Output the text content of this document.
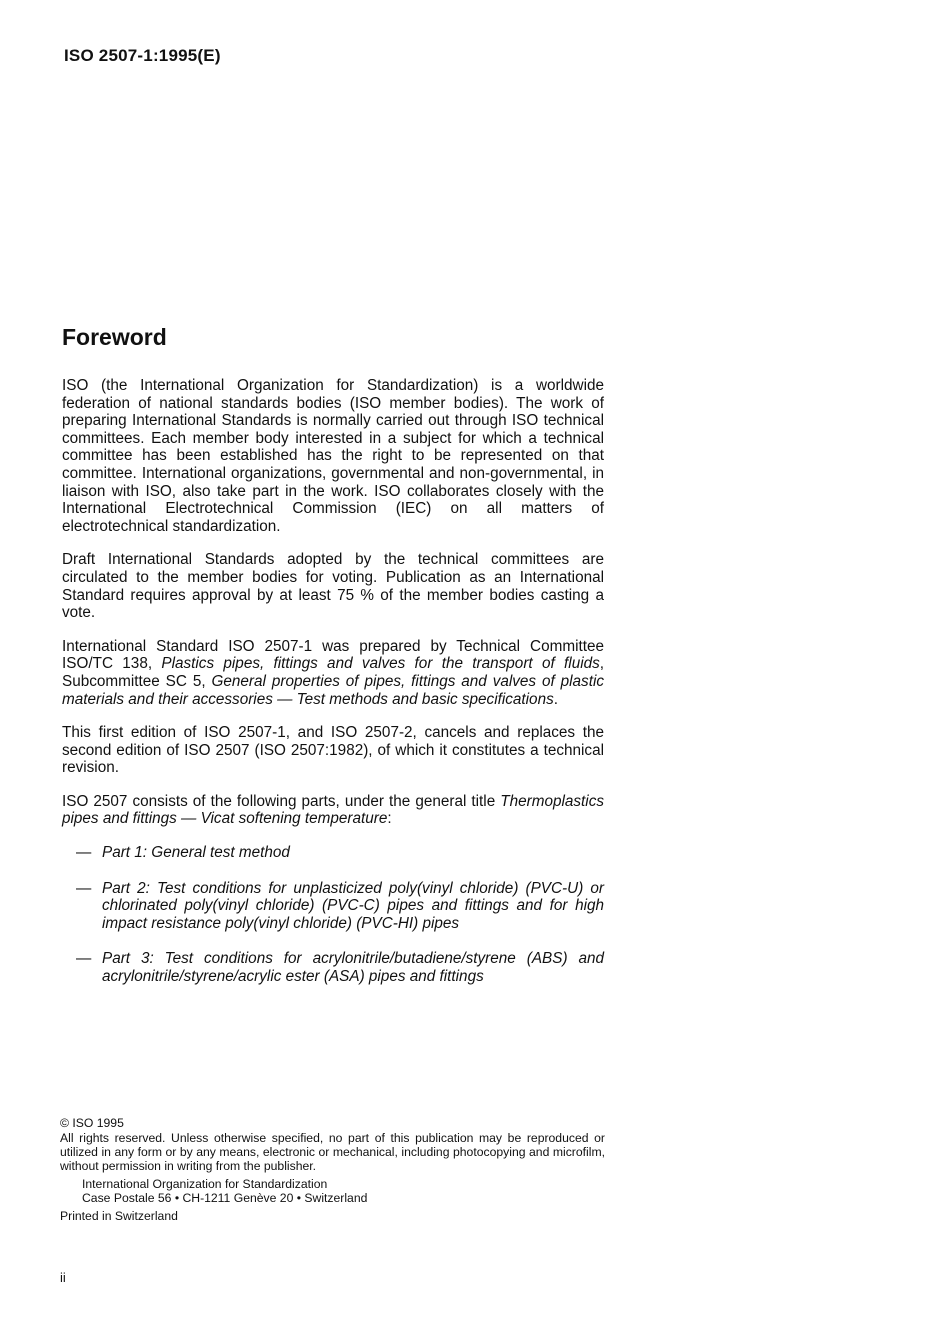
ISO 2507-1:1995(E)
Foreword

ISO (the International Organization for Standardization) is a worldwide federation of national standards bodies (ISO member bodies). The work of preparing International Standards is normally carried out through ISO technical committees. Each member body interested in a subject for which a technical committee has been established has the right to be represented on that committee. International organizations, governmental and non-governmental, in liaison with ISO, also take part in the work. ISO collaborates closely with the International Electrotechnical Commission (IEC) on all matters of electrotechnical standardization.

Draft International Standards adopted by the technical committees are circulated to the member bodies for voting. Publication as an International Standard requires approval by at least 75 % of the member bodies casting a vote.

International Standard ISO 2507-1 was prepared by Technical Committee ISO/TC 138, Plastics pipes, fittings and valves for the transport of fluids, Subcommittee SC 5, General properties of pipes, fittings and valves of plastic materials and their accessories — Test methods and basic specifications.

This first edition of ISO 2507-1, and ISO 2507-2, cancels and replaces the second edition of ISO 2507 (ISO 2507:1982), of which it constitutes a technical revision.

ISO 2507 consists of the following parts, under the general title Thermoplastics pipes and fittings — Vicat softening temperature:

— Part 1: General test method
— Part 2: Test conditions for unplasticized poly(vinyl chloride) (PVC-U) or chlorinated poly(vinyl chloride) (PVC-C) pipes and fittings and for high impact resistance poly(vinyl chloride) (PVC-HI) pipes
— Part 3: Test conditions for acrylonitrile/butadiene/styrene (ABS) and acrylonitrile/styrene/acrylic ester (ASA) pipes and fittings
© ISO 1995
All rights reserved. Unless otherwise specified, no part of this publication may be reproduced or utilized in any form or by any means, electronic or mechanical, including photocopying and microfilm, without permission in writing from the publisher.
International Organization for Standardization
Case Postale 56 • CH-1211 Genève 20 • Switzerland
Printed in Switzerland
ii
